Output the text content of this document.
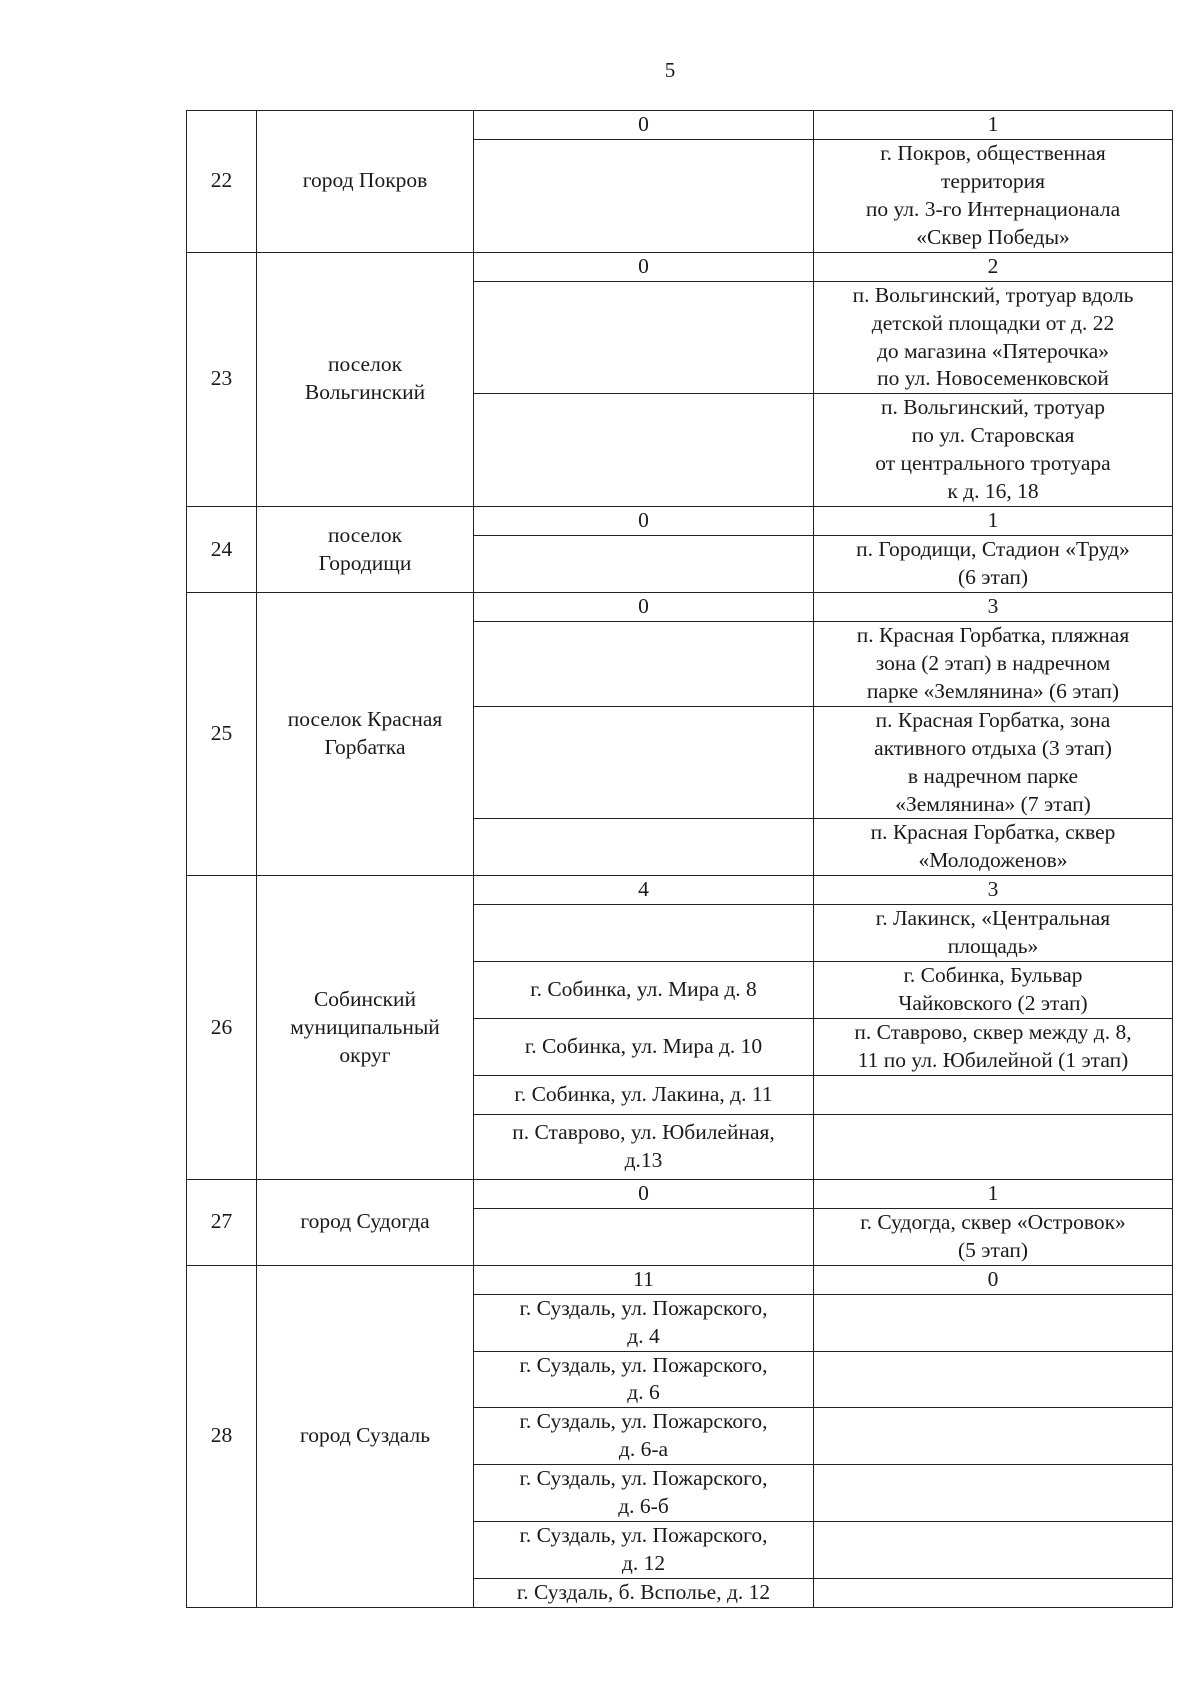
5
22	город Покров	0	1
			г. Покров, общественная
территория
по ул. 3-го Интернационала
«Сквер Победы»
23	поселок
Вольгинский	0	2
			п. Вольгинский, тротуар вдоль
детской площадки от д. 22
до магазина «Пятерочка»
по ул. Новосеменковской
			п. Вольгинский, тротуар
по ул. Старовская
от центрального тротуара
к д. 16, 18
24	поселок
Городищи	0	1
			п. Городищи, Стадион «Труд»
(6 этап)
25	поселок Красная
Горбатка	0	3
			п. Красная Горбатка, пляжная
зона (2 этап) в надречном
парке «Землянина» (6 этап)
			п. Красная Горбатка, зона
активного отдыха (3 этап)
в надречном парке
«Землянина» (7 этап)
			п. Красная Горбатка, сквер
«Молодоженов»
26	Собинский
муниципальный
округ	4	3
			г. Лакинск, «Центральная
площадь»
		г. Собинка, ул. Мира д. 8	г. Собинка, Бульвар
Чайковского (2 этап)
		г. Собинка, ул. Мира д. 10	п. Ставрово, сквер между д. 8,
11 по ул. Юбилейной (1 этап)
		г. Собинка, ул. Лакина, д. 11	
		п. Ставрово, ул. Юбилейная,
д.13	
27	город Судогда	0	1
			г. Судогда, сквер «Островок»
(5 этап)
28	город Суздаль	11	0
		г. Суздаль, ул. Пожарского,
д. 4	
		г. Суздаль, ул. Пожарского,
д. 6	
		г. Суздаль, ул. Пожарского,
д. 6-а	
		г. Суздаль, ул. Пожарского,
д. 6-б	
		г. Суздаль, ул. Пожарского,
д. 12	
		г. Суздаль, б. Всполье, д. 12	
